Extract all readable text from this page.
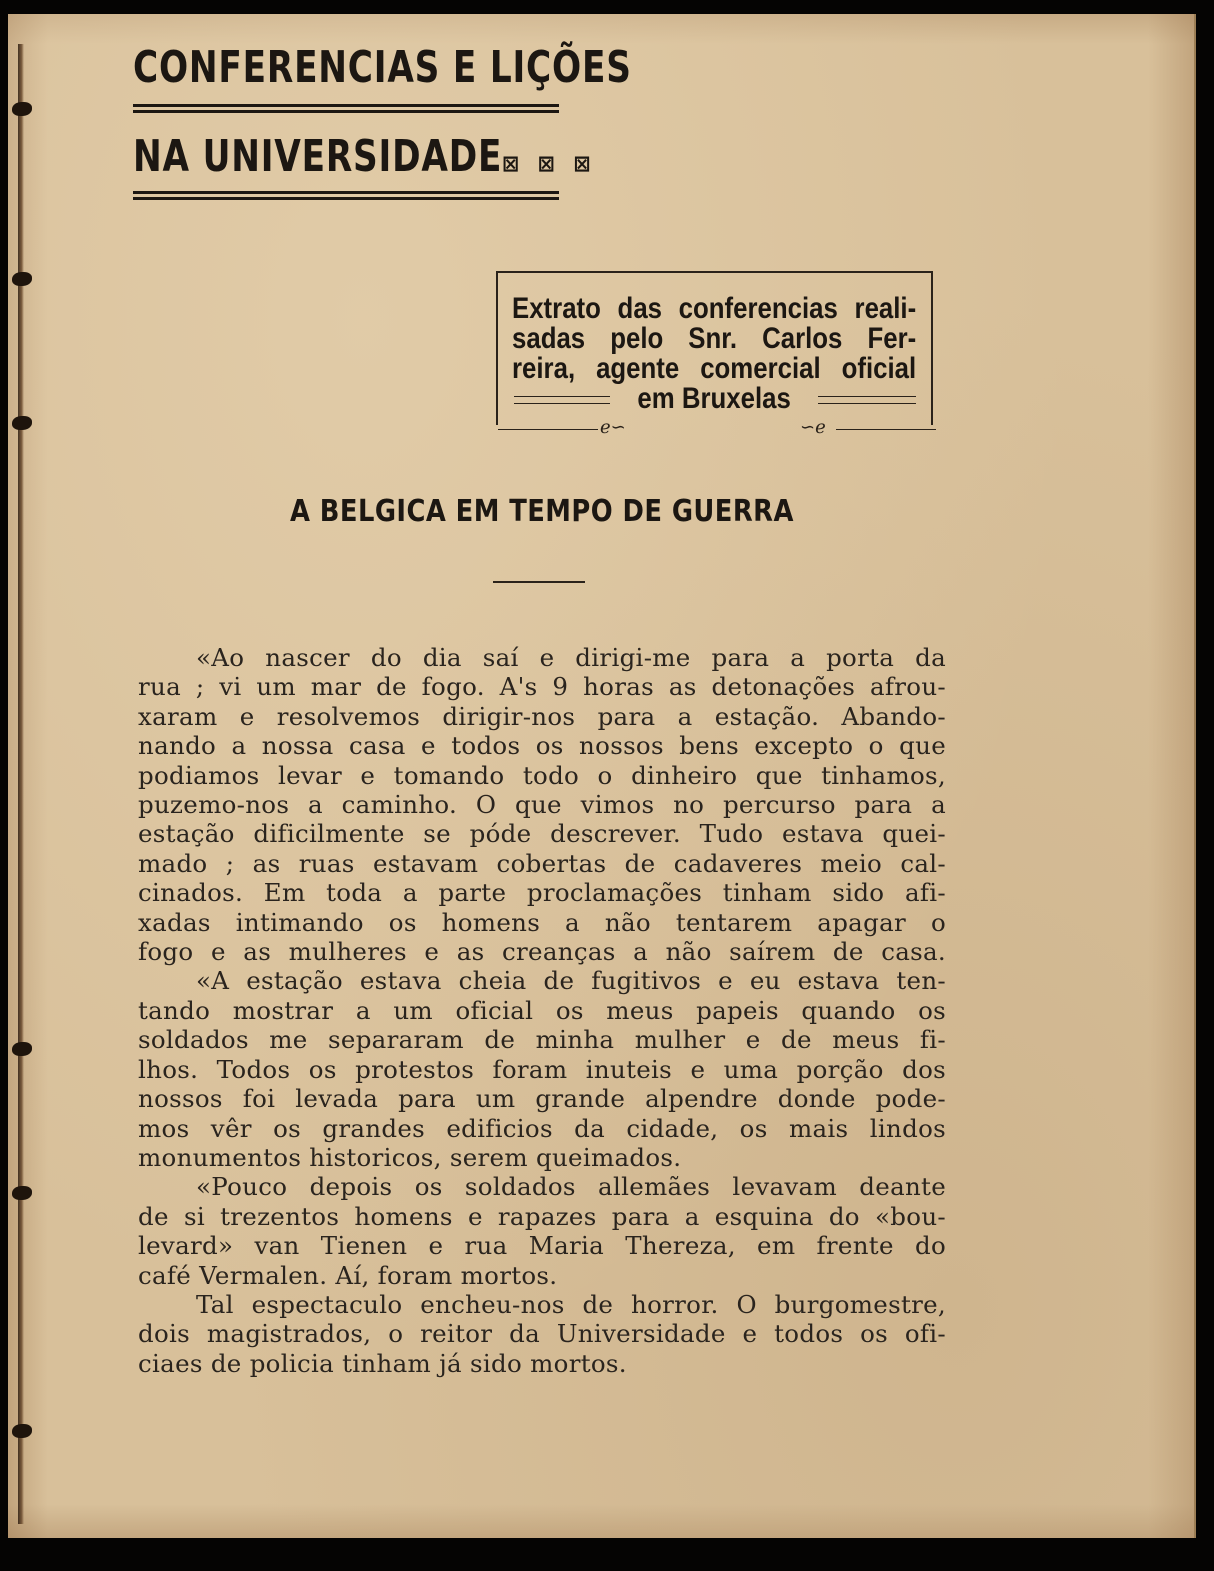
CONFERENCIAS E LIÇÕES
NA UNIVERSIDADE⊠ ⊠ ⊠
Extrato das conferencias reali-
sadas pelo Snr. Carlos Fer-
reira, agente comercial oficial
em Bruxelas
ℯ∽	∽ℯ
A BELGICA EM TEMPO DE GUERRA
«Ao nascer do dia saí e dirigi-me para a porta da
rua ; vi um mar de fogo. A's 9 horas as detonações afrou-
xaram e resolvemos dirigir-nos para a estação. Abando-
nando a nossa casa e todos os nossos bens excepto o que
podiamos levar e tomando todo o dinheiro que tinhamos,
puzemo-nos a caminho. O que vimos no percurso para a
estação dificilmente se póde descrever. Tudo estava quei-
mado ; as ruas estavam cobertas de cadaveres meio cal-
cinados. Em toda a parte proclamações tinham sido afi-
xadas intimando os homens a não tentarem apagar o
fogo e as mulheres e as creanças a não saírem de casa.
«A estação estava cheia de fugitivos e eu estava ten-
tando mostrar a um oficial os meus papeis quando os
soldados me separaram de minha mulher e de meus fi-
lhos. Todos os protestos foram inuteis e uma porção dos
nossos foi levada para um grande alpendre donde pode-
mos vêr os grandes edificios da cidade, os mais lindos
monumentos historicos, serem queimados.
«Pouco depois os soldados allemães levavam deante
de si trezentos homens e rapazes para a esquina do «bou-
levard» van Tienen e rua Maria Thereza, em frente do
café Vermalen. Aí, foram mortos.
Tal espectaculo encheu-nos de horror. O burgomestre,
dois magistrados, o reitor da Universidade e todos os ofi-
ciaes de policia tinham já sido mortos.
